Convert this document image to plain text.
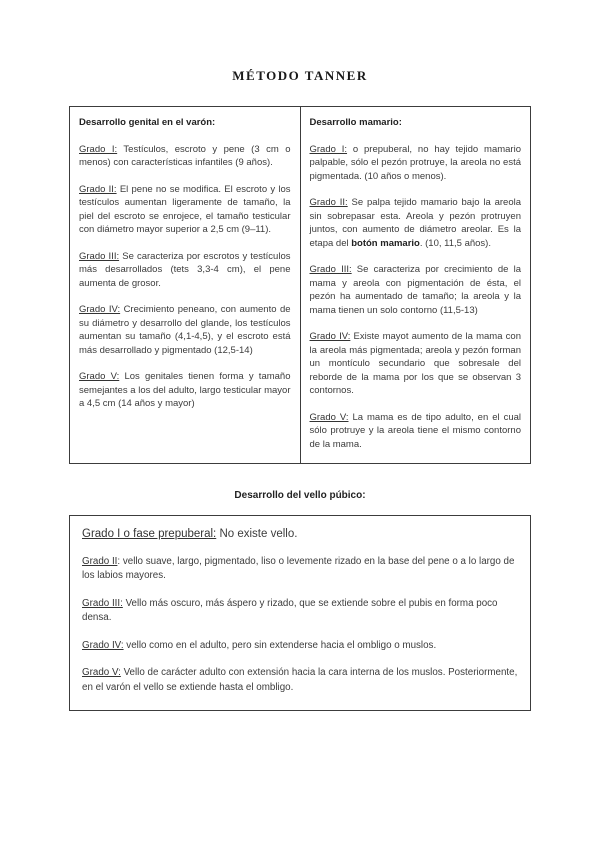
MÉTODO TANNER

Desarrollo genital en el varón:

Grado I: Testículos, escroto y pene (3 cm o menos) con características infantiles (9 años).

Grado II: El pene no se modifica. El escroto y los testículos aumentan ligeramente de tamaño, la piel del escroto se enrojece, el tamaño testicular con diámetro mayor superior a 2,5 cm (9–11).

Grado III: Se caracteriza por escrotos y testículos más desarrollados (tets 3,3-4 cm), el pene aumenta de grosor.

Grado IV: Crecimiento peneano, con aumento de su diámetro y desarrollo del glande, los testículos aumentan su tamaño (4,1-4,5), y el escroto está más desarrollado y pigmentado (12,5-14)

Grado V: Los genitales tienen forma y tamaño semejantes a los del adulto, largo testicular mayor a 4,5 cm (14 años y mayor)

Desarrollo mamario:

Grado I: o prepuberal, no hay tejido mamario palpable, sólo el pezón protruye, la areola no está pigmentada. (10 años o menos).

Grado II: Se palpa tejido mamario bajo la areola sin sobrepasar esta. Areola y pezón protruyen juntos, con aumento de diámetro areolar. Es la etapa del botón mamario. (10, 11,5 años).

Grado III: Se caracteriza por crecimiento de la mama y areola con pigmentación de ésta, el pezón ha aumentado de tamaño; la areola y la mama tienen un solo contorno (11,5-13)

Grado IV: Existe mayot aumento de la mama con la areola más pigmentada; areola y pezón forman un montículo secundario que sobresale del reborde de la mama por los que se observan 3 contornos.

Grado V: La mama es de tipo adulto, en el cual sólo protruye y la areola tiene el mismo contorno de la mama.

Desarrollo del vello púbico:

Grado I o fase prepuberal: No existe vello.

Grado II: vello suave, largo, pigmentado, liso o levemente rizado en la base del pene o a lo largo de los labios mayores.

Grado III: Vello más oscuro, más áspero y rizado, que se extiende sobre el pubis en forma poco densa.

Grado IV: vello como en el adulto, pero sin extenderse hacia el ombligo o muslos.

Grado V: Vello de carácter adulto con extensión hacia la cara interna de los muslos. Posteriormente, en el varón el vello se extiende hasta el ombligo.
